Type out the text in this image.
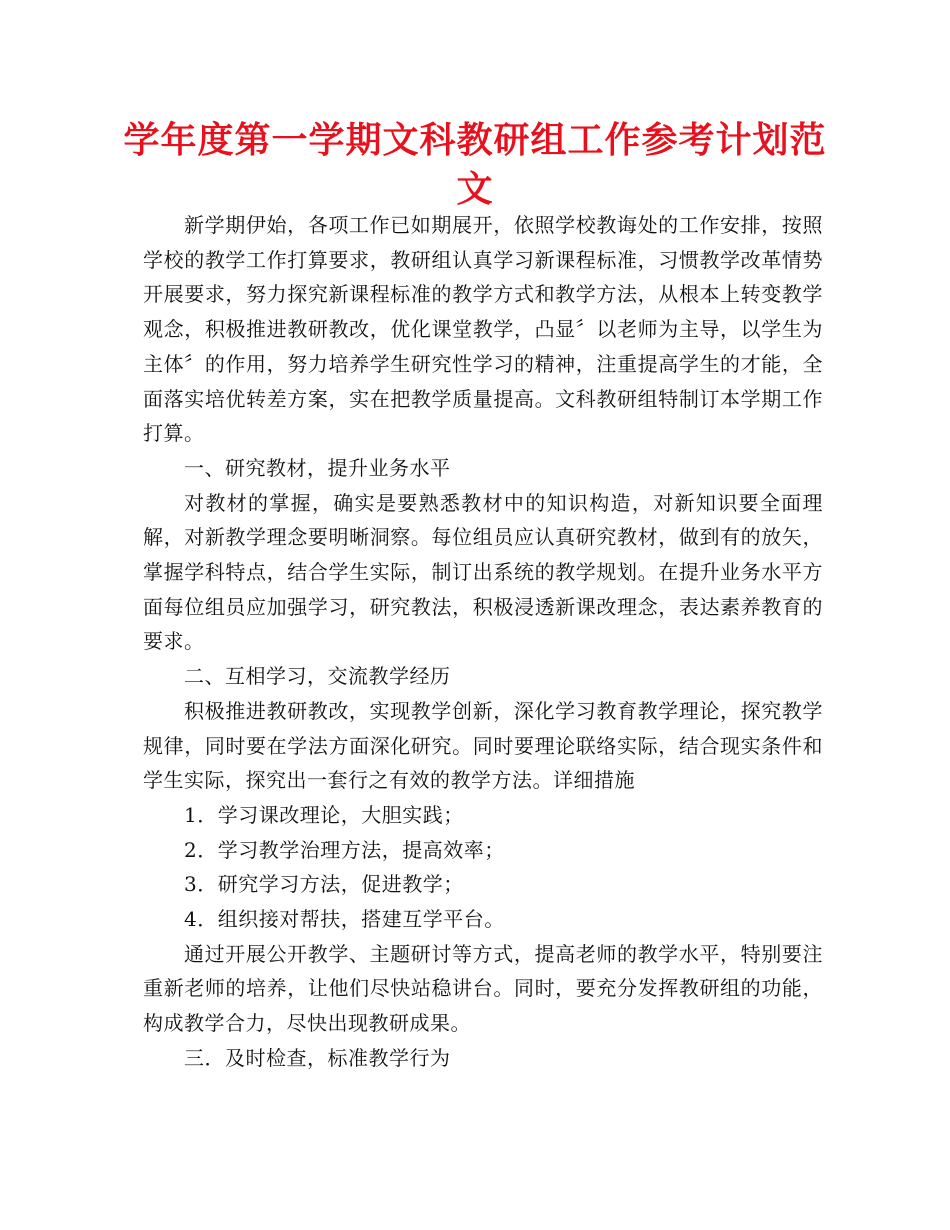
学年度第一学期文科教研组工作参考计划范文

新学期伊始，各项工作已如期展开，依照学校教诲处的工作安排，按照学校的教学工作打算要求，教研组认真学习新课程标准，习惯教学改革情势开展要求，努力探究新课程标准的教学方式和教学方法，从根本上转变教学观念，积极推进教研教改，优化课堂教学，凸显〞以老师为主导，以学生为主体〞的作用，努力培养学生研究性学习的精神，注重提高学生的才能，全面落实培优转差方案，实在把教学质量提高。文科教研组特制订本学期工作打算。

一、研究教材，提升业务水平

对教材的掌握，确实是要熟悉教材中的知识构造，对新知识要全面理解，对新教学理念要明晰洞察。每位组员应认真研究教材，做到有的放矢，掌握学科特点，结合学生实际，制订出系统的教学规划。在提升业务水平方面每位组员应加强学习，研究教法，积极浸透新课改理念，表达素养教育的要求。

二、互相学习，交流教学经历

积极推进教研教改，实现教学创新，深化学习教育教学理论，探究教学规律，同时要在学法方面深化研究。同时要理论联络实际，结合现实条件和学生实际，探究出一套行之有效的教学方法。详细措施

1．学习课改理论，大胆实践；

2．学习教学治理方法，提高效率；

3．研究学习方法，促进教学；

4．组织接对帮扶，搭建互学平台。

通过开展公开教学、主题研讨等方式，提高老师的教学水平，特别要注重新老师的培养，让他们尽快站稳讲台。同时，要充分发挥教研组的功能，构成教学合力，尽快出现教研成果。

三．及时检查，标准教学行为
